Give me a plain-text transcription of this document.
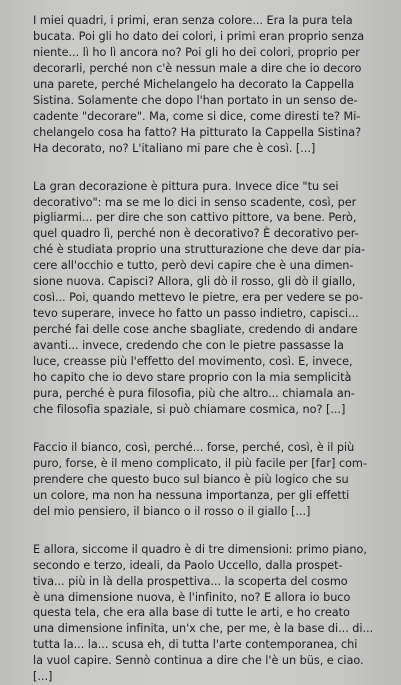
I miei quadri, i primi, eran senza colore... Era la pura tela
bucata. Poi gli ho dato dei colori, i primi eran proprio senza
niente... lì ho lì ancora no? Poi gli ho dei colori, proprio per
decorarli, perché non c'è nessun male a dire che io decoro
una parete, perché Michelangelo ha decorato la Cappella
Sistina. Solamente che dopo l'han portato in un senso de-
cadente "decorare". Ma, come si dice, come diresti te? Mi-
chelangelo cosa ha fatto? Ha pitturato la Cappella Sistina?
Ha decorato, no? L'italiano mi pare che è così. [...]
La gran decorazione è pittura pura. Invece dice "tu sei
decorativo": ma se me lo dici in senso scadente, così, per
pigliarmi... per dire che son cattivo pittore, va bene. Però,
quel quadro lì, perché non è decorativo? È decorativo per-
ché è studiata proprio una strutturazione che deve dar pia-
cere all'occhio e tutto, però devi capire che è una dimen-
sione nuova. Capisci? Allora, gli dò il rosso, gli dò il giallo,
così... Poi, quando mettevo le pietre, era per vedere se po-
tevo superare, invece ho fatto un passo indietro, capisci...
perché fai delle cose anche sbagliate, credendo di andare
avanti... invece, credendo che con le pietre passasse la
luce, creasse più l'effetto del movimento, così. E, invece,
ho capito che io devo stare proprio con la mia semplicità
pura, perché è pura filosofia, più che altro... chiamala an-
che filosofia spaziale, si può chiamare cosmica, no? [...]
Faccio il bianco, così, perché... forse, perché, così, è il più
puro, forse, è il meno complicato, il più facile per [far] com-
prendere che questo buco sul bianco è più logico che su
un colore, ma non ha nessuna importanza, per gli effetti
del mio pensiero, il bianco o il rosso o il giallo [...]
E allora, siccome il quadro è di tre dimensioni: primo piano,
secondo e terzo, ideali, da Paolo Uccello, dalla prospet-
tiva... più in là della prospettiva... la scoperta del cosmo
è una dimensione nuova, è l'infinito, no? E allora io buco
questa tela, che era alla base di tutte le arti, e ho creato
una dimensione infinita, un'x che, per me, è la base di... di...
tutta la... la... scusa eh, di tutta l'arte contemporanea, chi
la vuol capire. Sennò continua a dire che l'è un büs, e ciao.
[...]
